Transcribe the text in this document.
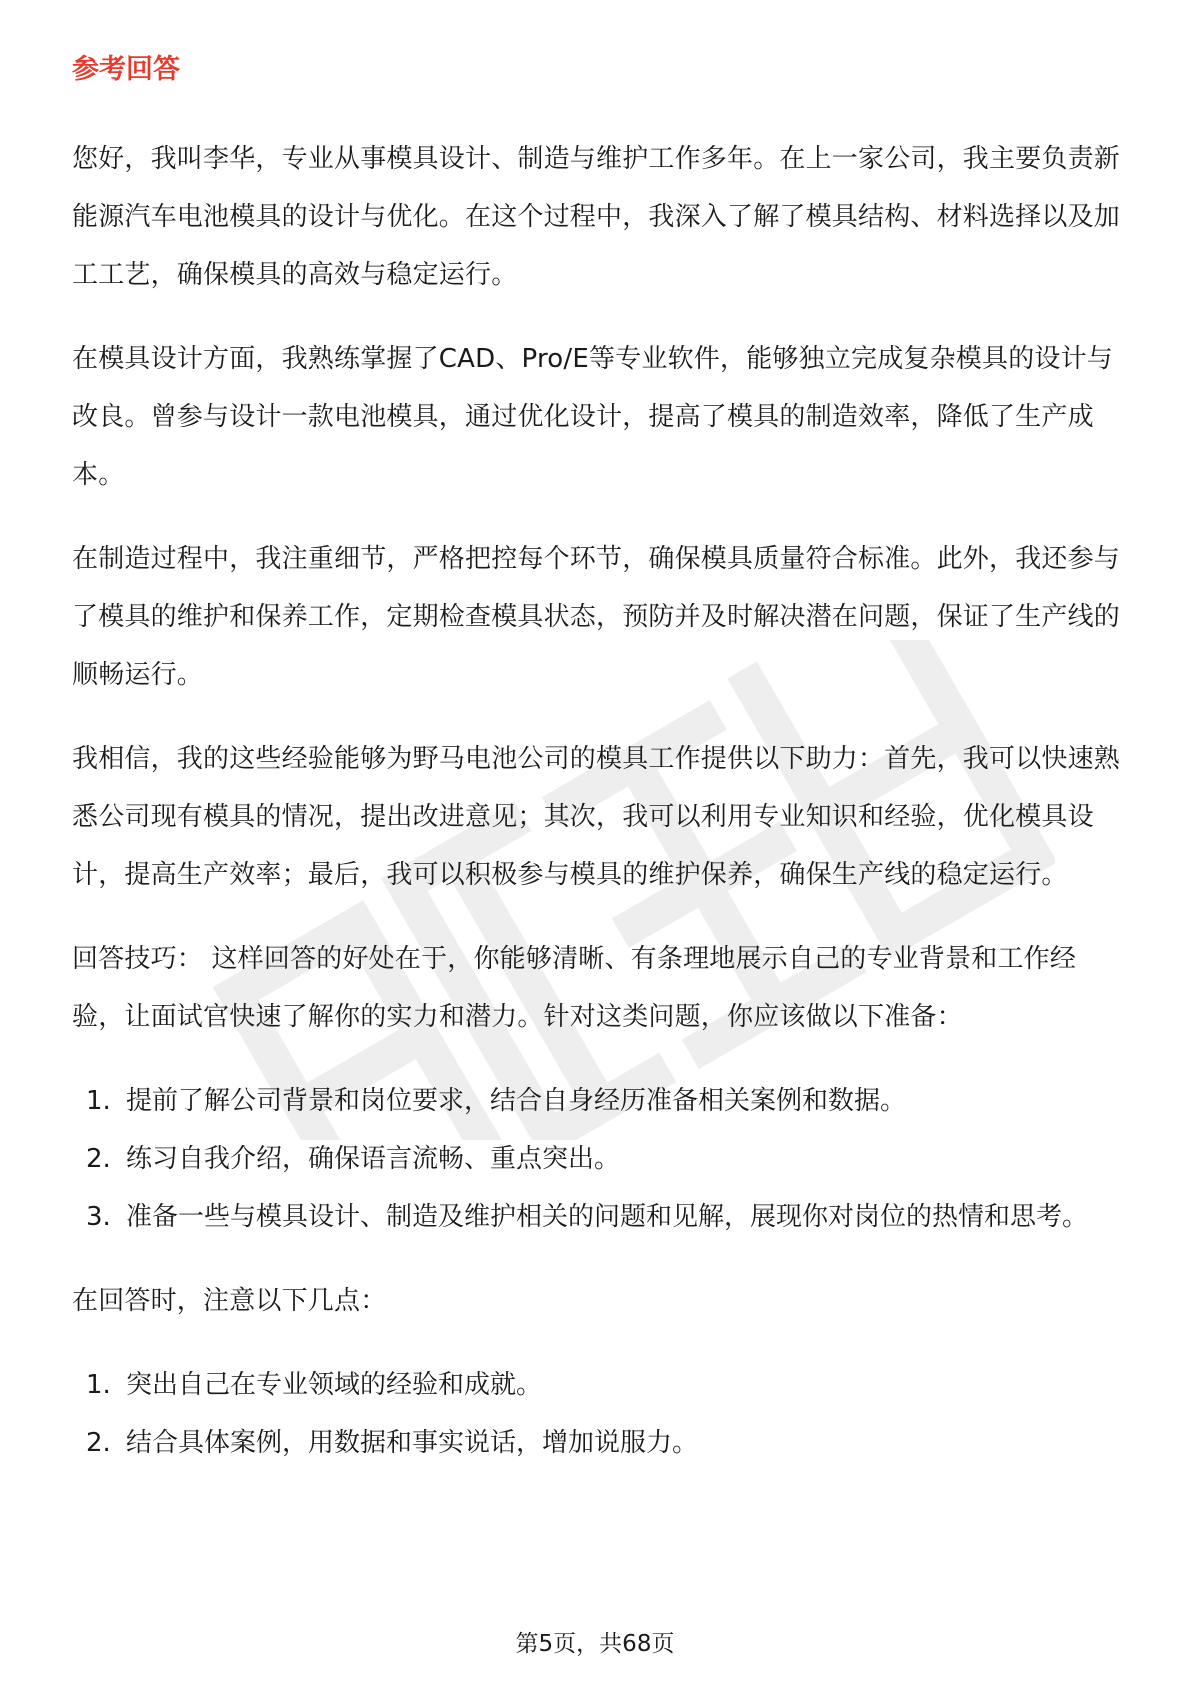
参考回答

您好，我叫李华，专业从事模具设计、制造与维护工作多年。在上一家公司，我主要负责新能源汽车电池模具的设计与优化。在这个过程中，我深入了解了模具结构、材料选择以及加工工艺，确保模具的高效与稳定运行。

在模具设计方面，我熟练掌握了CAD、Pro/E等专业软件，能够独立完成复杂模具的设计与改良。曾参与设计一款电池模具，通过优化设计，提高了模具的制造效率，降低了生产成本。

在制造过程中，我注重细节，严格把控每个环节，确保模具质量符合标准。此外，我还参与了模具的维护和保养工作，定期检查模具状态，预防并及时解决潜在问题，保证了生产线的顺畅运行。

我相信，我的这些经验能够为野马电池公司的模具工作提供以下助力：首先，我可以快速熟悉公司现有模具的情况，提出改进意见；其次，我可以利用专业知识和经验，优化模具设计，提高生产效率；最后，我可以积极参与模具的维护保养，确保生产线的稳定运行。

回答技巧： 这样回答的好处在于，你能够清晰、有条理地展示自己的专业背景和工作经验，让面试官快速了解你的实力和潜力。针对这类问题，你应该做以下准备：

1. 提前了解公司背景和岗位要求，结合自身经历准备相关案例和数据。
2. 练习自我介绍，确保语言流畅、重点突出。
3. 准备一些与模具设计、制造及维护相关的问题和见解，展现你对岗位的热情和思考。

在回答时，注意以下几点：

1. 突出自己在专业领域的经验和成就。
2. 结合具体案例，用数据和事实说话，增加说服力。
第5页，共68页
